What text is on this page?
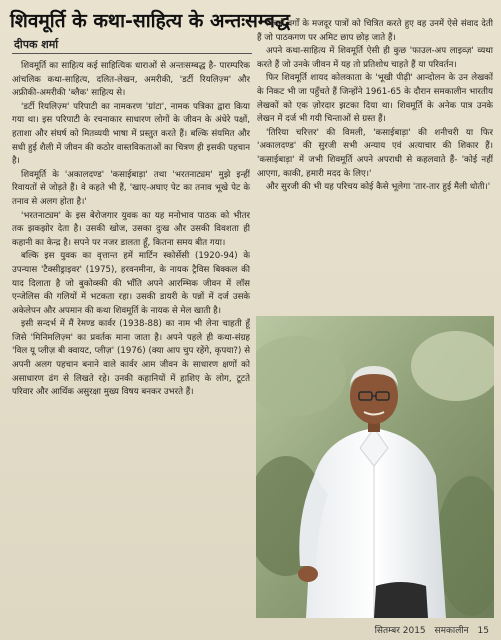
शिवमूर्ति के कथा-साहित्य के अन्तःसम्बद्ध
दीपक शर्मा

शिवमूर्ति का साहित्य कई साहित्यिक धाराओं से अन्तःसम्बद्ध है- पारम्परिक आंचलिक कथा-साहित्य, दलित-लेखन, अमरीकी, 'डर्टी रियलिज़्म' और अफ्रीकी-अमरीकी 'ब्लैक' साहित्य से।

'डर्टी रियलिज़्म' परिपाटी का नामकरण 'ग्रांटा', नामक पत्रिका द्वारा किया गया था। इस परिपाटी के रचनाकार साधारण लोगों के जीवन के अंधेरे पक्षों, हताशा और संघर्ष को मितव्ययी भाषा में प्रस्तुत करते हैं। बल्कि संयमित और सधी हुई शैली में जीवन की कठोर वास्तविकताओं का चित्रण ही इसकी पहचान है।

शिवमूर्ति के 'अकालदण्ड' 'कसाईबाड़ा' तथा 'भरतनाट्यम' मुझे इन्हीं रिवायतों से जोड़ते हैं। वे कहते भी हैं, 'खाए-अघाए पेट का तनाव भूखे पेट के तनाव से अलग होता है।'

'भरतनाट्यम' के इस बेरोजगार युवक का यह मनोभाव पाठक को भीतर तक झकझोर देता है। उसकी खोज, उसका दुःख और उसकी विवशता ही कहानी का केन्द्र है। सपने पर नजर डालता हूँ, कितना समय बीत गया।

बल्कि इस युवक का वृत्तान्त हमें मार्टिन स्कोर्सेसी (1920-94) के उपन्यास 'टैक्सीड्राइवर' (1975), हरवनमीना, के नायक ट्रैविस बिक्कल की याद दिलाता है जो बुकोव्स्की की भाँति अपने आरम्भिक जीवन में लॉस एन्जेलिस की गलियों में भटकता रहा। उसकी डायरी के पन्नों में दर्ज उसके अकेलेपन और अपमान की कथा शिवमूर्ति के नायक से मेल खाती है।

इसी सन्दर्भ में मैं रेमण्ड कार्वर (1938-88) का नाम भी लेना चाहती हूँ जिसे 'मिनिमलिज़्म' का प्रवर्तक माना जाता है। अपने पहले ही कथा-संग्रह 'विल यू प्लीज़ बी क्वायट, प्लीज़' (1976) (क्या आप चुप रहेंगे, कृपया?) से अपनी अलग पहचान बनाने वाले कार्वर आम जीवन के साधारण क्षणों को असाधारण ढंग से लिखते रहे। उनकी कहानियों में हाशिए के लोग, टूटते परिवार और आर्थिक असुरक्षा मुख्य विषय बनकर उभरते हैं।

निचले वर्गों के मजदूर पात्रों को चित्रित करते हुए वह उनमें ऐसे संवाद देती हैं जो पाठकगण पर अमिट छाप छोड़ जाते हैं।

अपने कथा-साहित्य में शिवमूर्ति ऐसी ही कुछ 'फाउल-अप लाइव्ज़' व्यथा करते हैं जो उनके जीवन में यह तो प्रतिशोध चाहते हैं या परिवर्तन।

फिर शिवमूर्ति शायद कोलकाता के 'भूखी पीढ़ी' आन्दोलन के उन लेखकों के निकट भी जा पहुँचते हैं जिन्होंने 1961-65 के दौरान समकालीन भारतीय लेखकों को एक ज़ोरदार झटका दिया था। शिवमूर्ति के अनेक पात्र उनके लेखन में दर्ज भी गयी चिन्ताओं से ग्रस्त हैं।

'तिरिया चरित्तर' की विमली, 'कसाईबाड़ा' की शनीचरी या फिर 'अकालदण्ड' की सुरजी सभी अन्याय एवं अत्याचार की शिकार हैं। 'कसाईबाड़ा' में जभी शिवमूर्ति अपने अपराधी से कहलवाते हैं- 'कोई नहीं आएगा, काकी, हमारी मदद के लिए।'

और सुरजी की भी यह परिचय कोई कैसे भूलेगा 'तार-तार हुई मैली धोती।'

सितम्बर 2015 समकालीन 15
